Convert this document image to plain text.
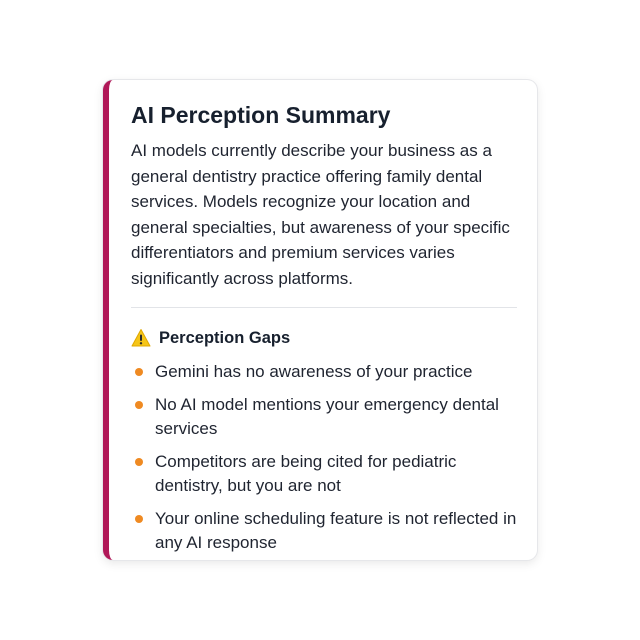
AI Perception Summary

AI models currently describe your business as a general dentistry practice offering family dental services. Models recognize your location and general specialties, but awareness of your specific differentiators and premium services varies significantly across platforms.

Perception Gaps
Gemini has no awareness of your practice
No AI model mentions your emergency dental services
Competitors are being cited for pediatric dentistry, but you are not
Your online scheduling feature is not reflected in any AI response
